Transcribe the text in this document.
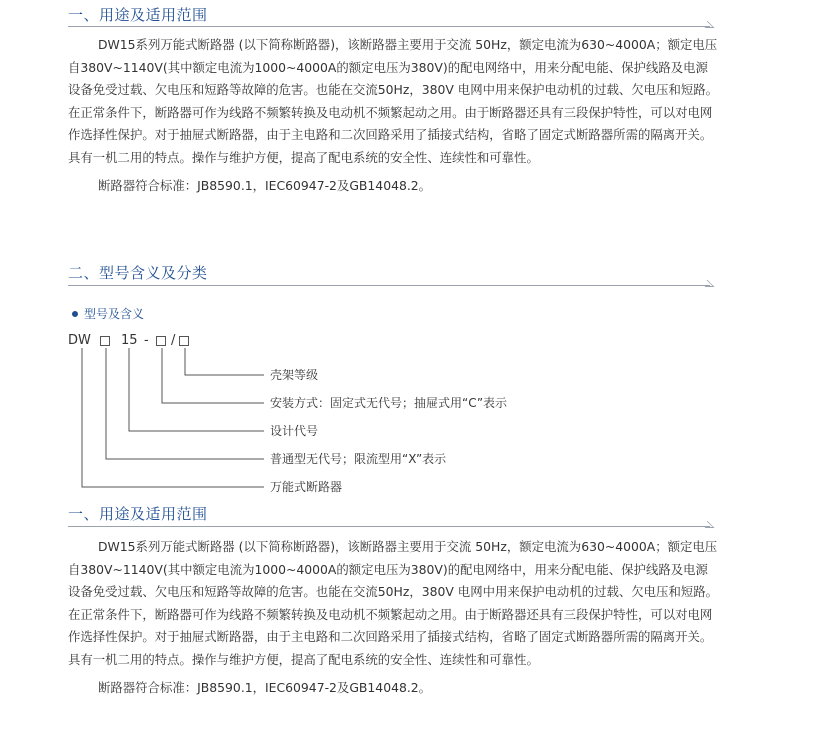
一、用途及适用范围

DW15系列万能式断路器 (以下简称断路器)，该断路器主要用于交流 50Hz，额定电流为630~4000A；额定电压自380V~1140V(其中额定电流为1000~4000A的额定电压为380V)的配电网络中，用来分配电能、保护线路及电源设备免受过载、欠电压和短路等故障的危害。也能在交流50Hz，380V 电网中用来保护电动机的过载、欠电压和短路。在正常条件下，断路器可作为线路不频繁转换及电动机不频繁起动之用。由于断路器还具有三段保护特性，可以对电网作选择性保护。对于抽屉式断路器，由于主电路和二次回路采用了插接式结构，省略了固定式断路器所需的隔离开关。具有一机二用的特点。操作与维护方便，提高了配电系统的安全性、连续性和可靠性。

断路器符合标准：JB8590.1，IEC60947-2及GB14048.2。
二、型号含义及分类
型号及含义
DW 15 - /
壳架等级
安装方式：固定式无代号；抽屉式用“C”表示
设计代号
普通型无代号；限流型用“X”表示
万能式断路器
一、用途及适用范围

DW15系列万能式断路器 (以下简称断路器)，该断路器主要用于交流 50Hz，额定电流为630~4000A；额定电压自380V~1140V(其中额定电流为1000~4000A的额定电压为380V)的配电网络中，用来分配电能、保护线路及电源设备免受过载、欠电压和短路等故障的危害。也能在交流50Hz，380V 电网中用来保护电动机的过载、欠电压和短路。在正常条件下，断路器可作为线路不频繁转换及电动机不频繁起动之用。由于断路器还具有三段保护特性，可以对电网作选择性保护。对于抽屉式断路器，由于主电路和二次回路采用了插接式结构，省略了固定式断路器所需的隔离开关。具有一机二用的特点。操作与维护方便，提高了配电系统的安全性、连续性和可靠性。

断路器符合标准：JB8590.1，IEC60947-2及GB14048.2。
